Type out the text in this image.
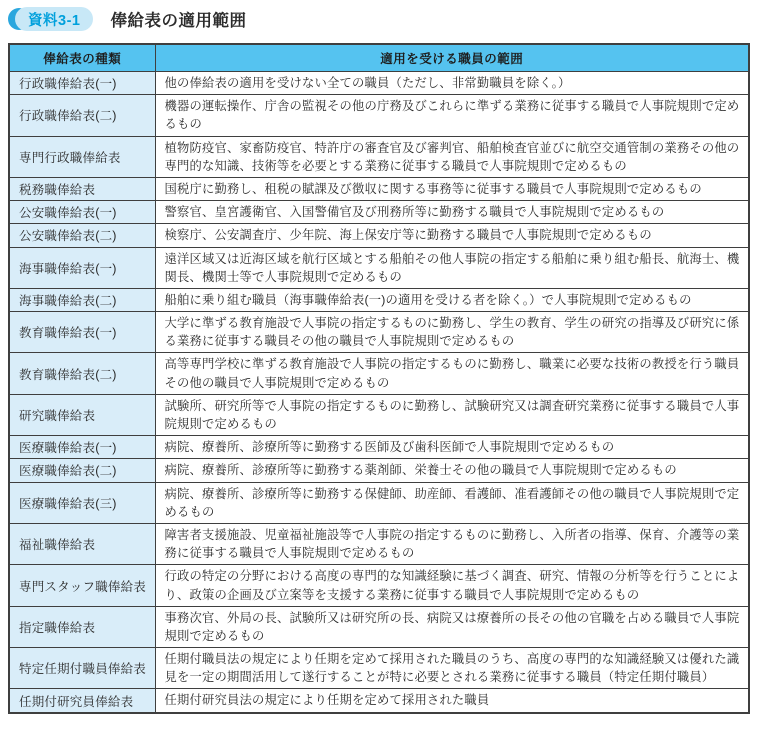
資料3-1	俸給表の適用範囲
俸給表の種類	適用を受ける職員の範囲
行政職俸給表(一)	他の俸給表の適用を受けない全ての職員（ただし、非常勤職員を除く。）
行政職俸給表(二)	機器の運転操作、庁舎の監視その他の庁務及びこれらに準ずる業務に従事する職員で人事院規則で定めるもの
専門行政職俸給表	植物防疫官、家畜防疫官、特許庁の審査官及び審判官、船舶検査官並びに航空交通管制の業務その他の専門的な知識、技術等を必要とする業務に従事する職員で人事院規則で定めるもの
税務職俸給表	国税庁に勤務し、租税の賦課及び徴収に関する事務等に従事する職員で人事院規則で定めるもの
公安職俸給表(一)	警察官、皇宮護衛官、入国警備官及び刑務所等に勤務する職員で人事院規則で定めるもの
公安職俸給表(二)	検察庁、公安調査庁、少年院、海上保安庁等に勤務する職員で人事院規則で定めるもの
海事職俸給表(一)	遠洋区域又は近海区域を航行区域とする船舶その他人事院の指定する船舶に乗り組む船長、航海士、機関長、機関士等で人事院規則で定めるもの
海事職俸給表(二)	船舶に乗り組む職員（海事職俸給表(一)の適用を受ける者を除く。）で人事院規則で定めるもの
教育職俸給表(一)	大学に準ずる教育施設で人事院の指定するものに勤務し、学生の教育、学生の研究の指導及び研究に係る業務に従事する職員その他の職員で人事院規則で定めるもの
教育職俸給表(二)	高等専門学校に準ずる教育施設で人事院の指定するものに勤務し、職業に必要な技術の教授を行う職員その他の職員で人事院規則で定めるもの
研究職俸給表	試験所、研究所等で人事院の指定するものに勤務し、試験研究又は調査研究業務に従事する職員で人事院規則で定めるもの
医療職俸給表(一)	病院、療養所、診療所等に勤務する医師及び歯科医師で人事院規則で定めるもの
医療職俸給表(二)	病院、療養所、診療所等に勤務する薬剤師、栄養士その他の職員で人事院規則で定めるもの
医療職俸給表(三)	病院、療養所、診療所等に勤務する保健師、助産師、看護師、准看護師その他の職員で人事院規則で定めるもの
福祉職俸給表	障害者支援施設、児童福祉施設等で人事院の指定するものに勤務し、入所者の指導、保育、介護等の業務に従事する職員で人事院規則で定めるもの
専門スタッフ職俸給表	行政の特定の分野における高度の専門的な知識経験に基づく調査、研究、情報の分析等を行うことにより、政策の企画及び立案等を支援する業務に従事する職員で人事院規則で定めるもの
指定職俸給表	事務次官、外局の長、試験所又は研究所の長、病院又は療養所の長その他の官職を占める職員で人事院規則で定めるもの
特定任期付職員俸給表	任期付職員法の規定により任期を定めて採用された職員のうち、高度の専門的な知識経験又は優れた識見を一定の期間活用して遂行することが特に必要とされる業務に従事する職員（特定任期付職員）
任期付研究員俸給表	任期付研究員法の規定により任期を定めて採用された職員
